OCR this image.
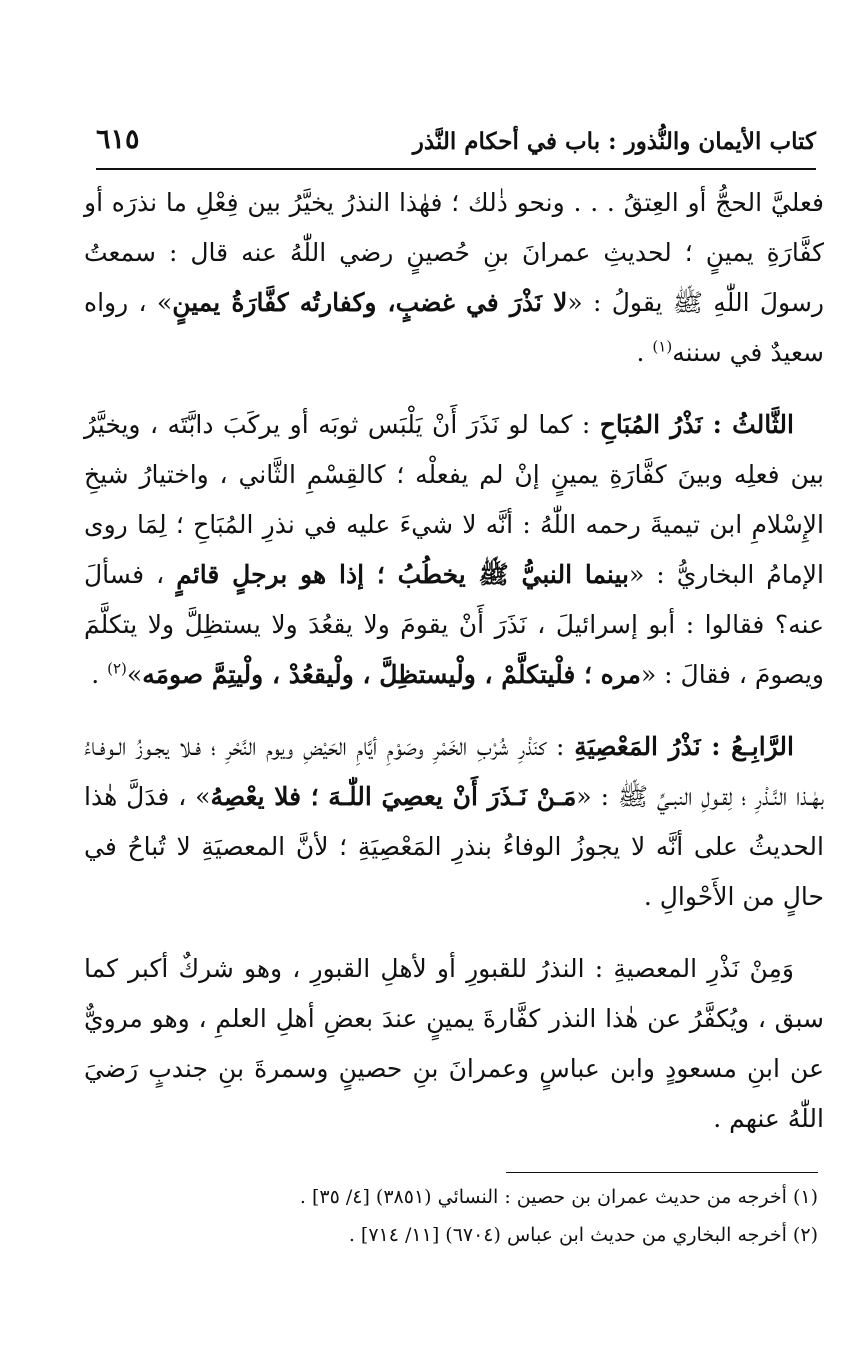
كتاب الأيمان والنُّذور : باب في أحكام النَّذر
٦١٥

فعليَّ الحجُّ أو العِتقُ . . . ونحو ذٰلك ؛ فهٰذا النذرُ يخيَّرُ بين فِعْلِ ما نذرَه أو كفَّارَةِ يمينٍ ؛ لحديثِ عمرانَ بنِ حُصينٍ رضي اللّٰهُ عنه قال : سمعتُ رسولَ اللّٰهِ ﷺ يقولُ : «لا نَذْرَ في غضبٍ، وكفارتُه كفَّارَةُ يمينٍ» ، رواه سعيدٌ في سننه$^{(١)}$ .

الثَّالثُ : نَذْرُ المُبَاحِ : كما لو نَذَرَ أَنْ يَلْبَس ثوبَه أو يركَبَ دابَّتَه ، ويخيَّرُ بين فعلِه وبينَ كفَّارَةِ يمينٍ إنْ لم يفعلْه ؛ كالقِسْمِ الثَّاني ، واختيارُ شيخِ الإِسْلامِ ابن تيميةَ رحمه اللّٰهُ : أنَّه لا شيءَ عليه في نذرِ المُبَاحِ ؛ لِمَا روى الإمامُ البخاريُّ : «بينما النبيُّ ﷺ يخطُبُ ؛ إذا هو برجلٍ قائمٍ ، فسألَ عنه؟ فقالوا : أبو إسرائيلَ ، نَذَرَ أَنْ يقومَ ولا يقعُدَ ولا يستظِلَّ ولا يتكلَّمَ ويصومَ ، فقالَ : «مره ؛ فلْيتكلَّمْ ، ولْيستظِلَّ ، ولْيقعُدْ ، ولْيتِمَّ صومَه»$^{(٢)}$ .

الرَّابِـعُ : نَذْرُ المَعْصِيَةِ : كنَذْرِ شُرْبِ الخَمْرِ وصَوْمِ أيَّامِ الحَيْضِ ويوم النَّحْرِ ؛ فـلا يجـوزُ الـوفـاءُ بهٰـذا النَّـذْرِ ؛ لِقـولِ النبـيِّ ﷺ : «مَـنْ نَـذَرَ أَنْ يعصِيَ اللّٰـهَ ؛ فلا يعْصِهُ» ، فدَلَّ هٰذا الحديثُ على أنَّه لا يجوزُ الوفاءُ بنذرِ المَعْصِيَةِ ؛ لأنَّ المعصيَةِ لا تُباحُ في حالٍ من الأَحْوالِ .

وَمِنْ نَذْرِ المعصيةِ : النذرُ للقبورِ أو لأهلِ القبورِ ، وهو شركٌ أكبر كما سبق ، ويُكفَّرُ عن هٰذا النذر كفَّارةَ يمينٍ عندَ بعضِ أهلِ العلمِ ، وهو مرويٌّ عن ابنِ مسعودٍ وابن عباسٍ وعمرانَ بنِ حصينٍ وسمرةَ بنِ جندبٍ رَضيَ اللّٰهُ عنهم .

(١) أخرجه من حديث عمران بن حصين : النسائي (٣٨٥١) [٤/ ٣٥] .

(٢) أخرجه البخاري من حديث ابن عباس (٦٧٠٤) [١١/ ٧١٤] .
